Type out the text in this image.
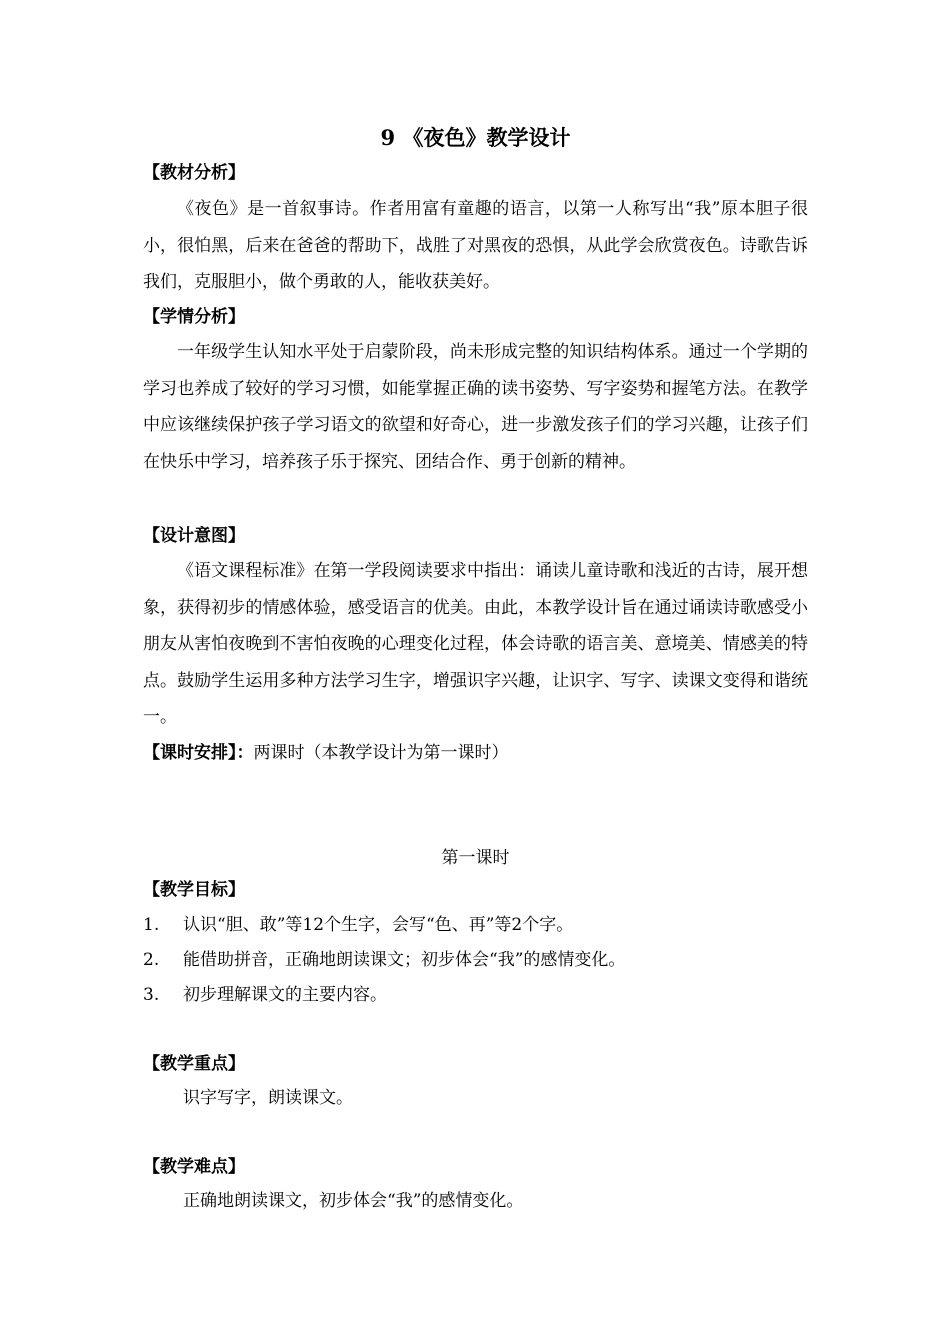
9 《夜色》教学设计
【教材分析】
《夜色》是一首叙事诗。作者用富有童趣的语言，以第一人称写出“我”原本胆子很小，很怕黑，后来在爸爸的帮助下，战胜了对黑夜的恐惧，从此学会欣赏夜色。诗歌告诉我们，克服胆小，做个勇敢的人，能收获美好。
【学情分析】
一年级学生认知水平处于启蒙阶段，尚未形成完整的知识结构体系。通过一个学期的学习也养成了较好的学习习惯，如能掌握正确的读书姿势、写字姿势和握笔方法。在教学中应该继续保护孩子学习语文的欲望和好奇心，进一步激发孩子们的学习兴趣，让孩子们在快乐中学习，培养孩子乐于探究、团结合作、勇于创新的精神。
【设计意图】
《语文课程标准》在第一学段阅读要求中指出：诵读儿童诗歌和浅近的古诗，展开想象，获得初步的情感体验，感受语言的优美。由此，本教学设计旨在通过诵读诗歌感受小朋友从害怕夜晚到不害怕夜晚的心理变化过程，体会诗歌的语言美、意境美、情感美的特点。鼓励学生运用多种方法学习生字，增强识字兴趣，让识字、写字、读课文变得和谐统一。
【课时安排】：两课时（本教学设计为第一课时）
第一课时
【教学目标】
1. 认识“胆、敢”等12个生字，会写“色、再”等2个字。
2. 能借助拼音，正确地朗读课文；初步体会“我”的感情变化。
3. 初步理解课文的主要内容。
【教学重点】
识字写字，朗读课文。
【教学难点】
正确地朗读课文，初步体会“我”的感情变化。
